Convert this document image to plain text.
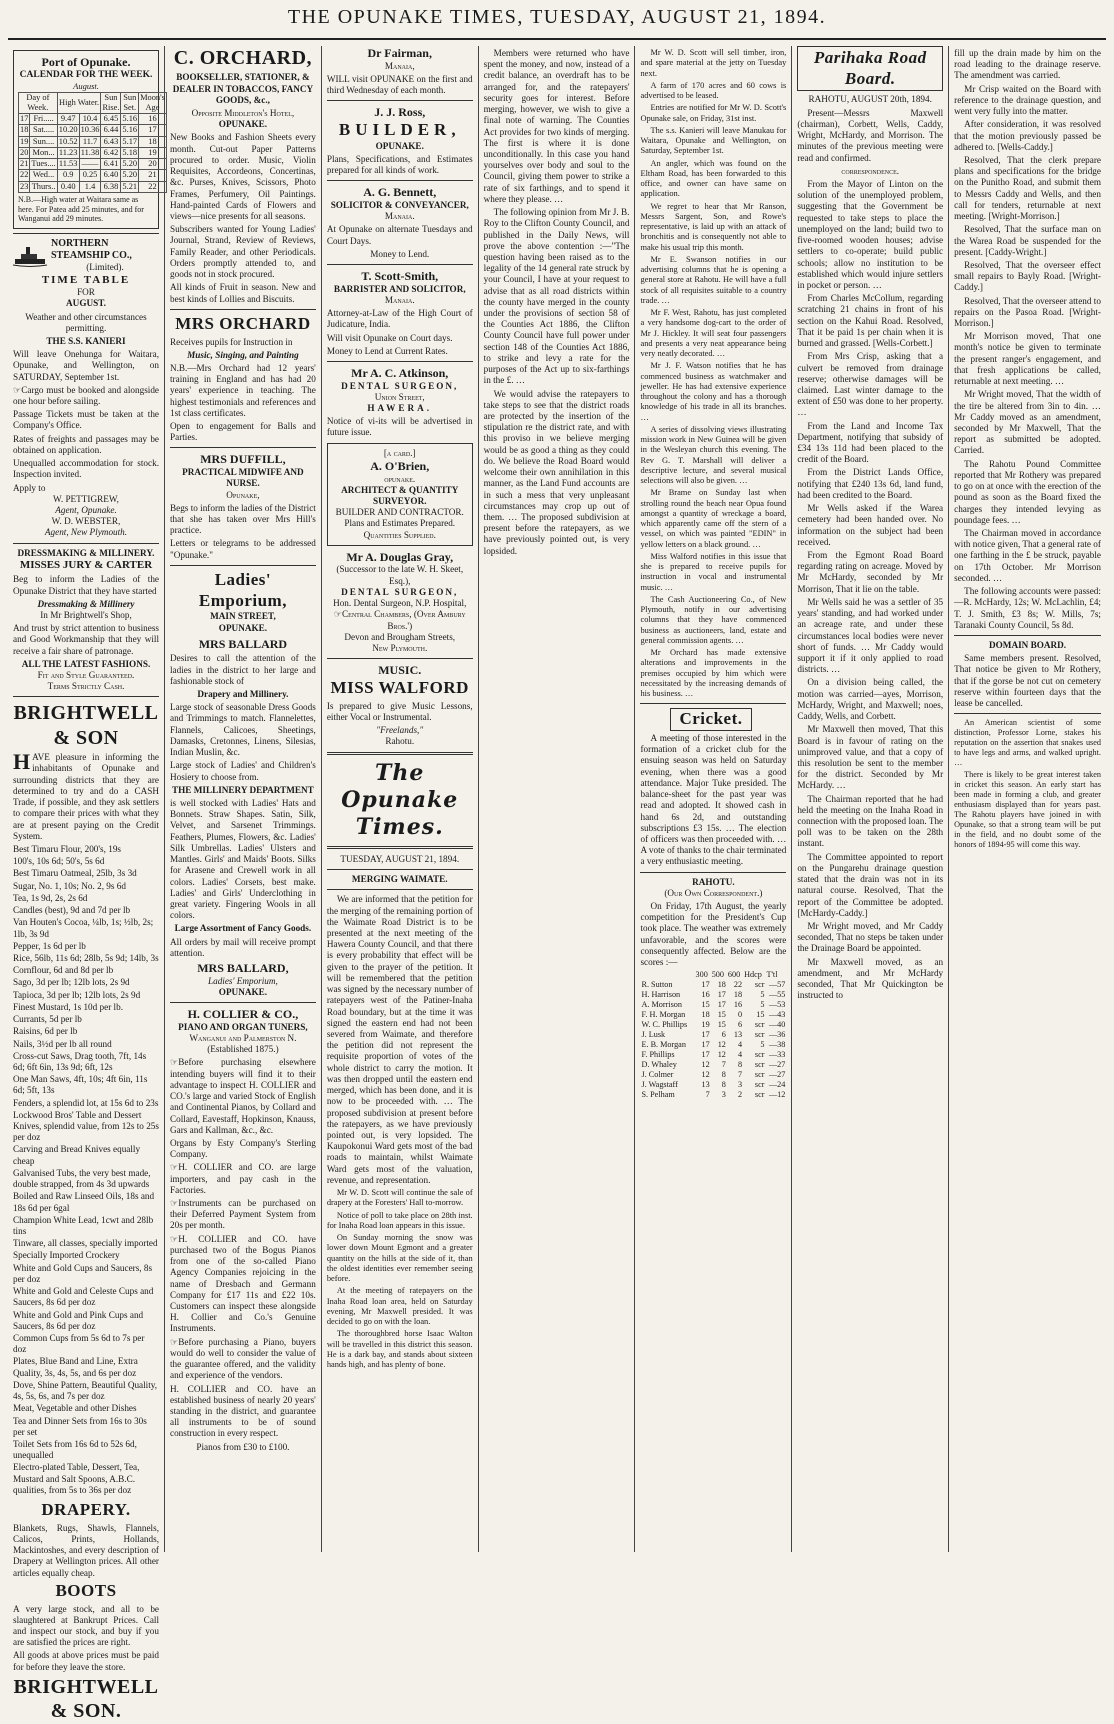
THE OPUNAKE TIMES, TUESDAY, AUGUST 21, 1894.
Port of Opunake.
CALENDAR FOR THE WEEK.
August.
Day of Week.		High Water.		Sun Rise.	Sun Set.	Moon's Age
17	Fri.....	9.47	10.4	6.45	5.16	16
18	Sat.....	10.20	10.36	6.44	5.16	17
19	Sun....	10.52	11.7	6.43	5.17	18
20	Mon...	11.23	11.38	6.42	5.18	19
21	Tues....	11.53	——	6.41	5.20	20
22	Wed...	0.9	0.25	6.40	5.20	21
23	Thurs..	0.40	1.4	6.38	5.21	22
N.B.—High water at Waitara same as here. For Patea add 25 minutes, and for Wanganui add 29 minutes.
NORTHERN STEAMSHIP CO.,
(Limited).
TIME TABLE
FOR
AUGUST.

Weather and other circumstances permitting.

THE S.S. KANIERI

Will leave Onehunga for Waitara, Opunake, and Wellington, on SATURDAY, September 1st.

☞Cargo must be booked and alongside one hour before sailing.

Passage Tickets must be taken at the Company's Office.

Rates of freights and passages may be obtained on application.

Unequalled accommodation for stock. Inspection invited.

Apply to
W. PETTIGREW,
Agent, Opunake.
W. D. WEBSTER,
Agent, New Plymouth.
DRESSMAKING & MILLINERY.
MISSES JURY & CARTER

Beg to inform the Ladies of the Opunake District that they have started

Dressmaking & Millinery
In Mr Brightwell's Shop,

And trust by strict attention to business and Good Workmanship that they will receive a fair share of patronage.

ALL THE LATEST FASHIONS.
Fit and Style Guaranteed.
Terms Strictly Cash.
BRIGHTWELL & SON

HAVE pleasure in informing the inhabitants of Opunake and surrounding districts that they are determined to try and do a CASH Trade, if possible, and they ask settlers to compare their prices with what they are at present paying on the Credit System.

Best Timaru Flour, 200's, 19s
100's, 10s 6d; 50's, 5s 6d
Best Timaru Oatmeal, 25lb, 3s 3d
Sugar, No. 1, 10s; No. 2, 9s 6d
Tea, 1s 9d, 2s, 2s 6d
Candles (best), 9d and 7d per lb
Van Houten's Cocoa, ¼lb, 1s; ½lb, 2s; 1lb, 3s 9d
Pepper, 1s 6d per lb
Rice, 56lb, 11s 6d; 28lb, 5s 9d; 14lb, 3s
Cornflour, 6d and 8d per lb
Sago, 3d per lb; 12lb lots, 2s 9d
Tapioca, 3d per lb; 12lb lots, 2s 9d
Finest Mustard, 1s 10d per lb.
Currants, 5d per lb
Raisins, 6d per lb
Nails, 3½d per lb all round
Cross-cut Saws, Drag tooth, 7ft, 14s 6d; 6ft 6in, 13s 9d; 6ft, 12s
One Man Saws, 4ft, 10s; 4ft 6in, 11s 6d; 5ft, 13s
Fenders, a splendid lot, at 15s 6d to 23s
Lockwood Bros' Table and Dessert Knives, splendid value, from 12s to 25s per doz
Carving and Bread Knives equally cheap
Galvanised Tubs, the very best made, double strapped, from 4s 3d upwards
Boiled and Raw Linseed Oils, 18s and 18s 6d per 6gal
Champion White Lead, 1cwt and 28lb tins
Tinware, all classes, specially imported
Specially Imported Crockery
White and Gold Cups and Saucers, 8s per doz
White and Gold and Celeste Cups and Saucers, 8s 6d per doz
White and Gold and Pink Cups and Saucers, 8s 6d per doz
Common Cups from 5s 6d to 7s per doz
Plates, Blue Band and Line, Extra Quality, 3s, 4s, 5s, and 6s per doz
Dove, Shine Pattern, Beautiful Quality, 4s, 5s, 6s, and 7s per doz
Meat, Vegetable and other Dishes
Tea and Dinner Sets from 16s to 30s per set
Toilet Sets from 16s 6d to 52s 6d, unequalled
Electro-plated Table, Dessert, Tea, Mustard and Salt Spoons, A.B.C. qualities, from 5s to 36s per doz
DRAPERY.

Blankets, Rugs, Shawls, Flannels, Calicos, Prints, Hollands, Mackintoshes, and every description of Drapery at Wellington prices. All other articles equally cheap.

BOOTS

A very large stock, and all to be slaughtered at Bankrupt Prices. Call and inspect our stock, and buy if you are satisfied the prices are right.

All goods at above prices must be paid for before they leave the store.

BRIGHTWELL & SON.
C. ORCHARD,

BOOKSELLER, STATIONER, & DEALER IN TOBACCOS, FANCY GOODS, &c.,

Opposite Middleton's Hotel,
OPUNAKE.

New Books and Fashion Sheets every month. Cut-out Paper Patterns procured to order. Music, Violin Requisites, Accordeons, Concertinas, &c. Purses, Knives, Scissors, Photo Frames, Perfumery, Oil Paintings. Hand-painted Cards of Flowers and views—nice presents for all seasons.

Subscribers wanted for Young Ladies' Journal, Strand, Review of Reviews, Family Reader, and other Periodicals. Orders promptly attended to, and goods not in stock procured.

All kinds of Fruit in season. New and best kinds of Lollies and Biscuits.

MRS ORCHARD

Receives pupils for Instruction in

Music, Singing, and Painting

N.B.—Mrs Orchard had 12 years' training in England and has had 20 years' experience in teaching. The highest testimonials and references and 1st class certificates.

Open to engagement for Balls and Parties.

MRS DUFFILL,
PRACTICAL MIDWIFE AND NURSE.
Opunake,

Begs to inform the ladies of the District that she has taken over Mrs Hill's practice.

Letters or telegrams to be addressed "Opunake."

Ladies' Emporium,
MAIN STREET,
OPUNAKE.
MRS BALLARD

Desires to call the attention of the ladies in the district to her large and fashionable stock of

Drapery and Millinery.

Large stock of seasonable Dress Goods and Trimmings to match. Flannelettes, Flannels, Calicoes, Sheetings, Damasks, Cretonnes, Linens, Silesias, Indian Muslin, &c.

Large stock of Ladies' and Children's Hosiery to choose from.

THE MILLINERY DEPARTMENT

is well stocked with Ladies' Hats and Bonnets. Straw Shapes. Satin, Silk, Velvet, and Sarsenet Trimmings. Feathers, Plumes, Flowers, &c. Ladies' Silk Umbrellas. Ladies' Ulsters and Mantles. Girls' and Maids' Boots. Silks for Arasene and Crewell work in all colors. Ladies' Corsets, best make. Ladies' and Girls' Underclothing in great variety. Fingering Wools in all colors.

Large Assortment of Fancy Goods.

All orders by mail will receive prompt attention.

MRS BALLARD,
Ladies' Emporium,
OPUNAKE.
H. COLLIER & CO.,
PIANO AND ORGAN TUNERS,
Wanganui and Palmerston N.
(Established 1875.)

☞Before purchasing elsewhere intending buyers will find it to their advantage to inspect H. COLLIER and CO.'s large and varied Stock of English and Continental Pianos, by Collard and Collard, Eavestaff, Hopkinson, Knauss, Gars and Kallman, &c., &c.

Organs by Esty Company's Sterling Company.

☞H. COLLIER and CO. are large importers, and pay cash in the Factories.

☞Instruments can be purchased on their Deferred Payment System from 20s per month.

☞H. COLLIER and CO. have purchased two of the Bogus Pianos from one of the so-called Piano Agency Companies rejoicing in the name of Dresbach and Germann Company for £17 11s and £22 10s. Customers can inspect these alongside H. Collier and Co.'s Genuine Instruments.

☞Before purchasing a Piano, buyers would do well to consider the value of the guarantee offered, and the validity and experience of the vendors.

H. COLLIER and CO. have an established business of nearly 20 years' standing in the district, and guarantee all instruments to be of sound construction in every respect.

Pianos from £30 to £100.

Dr Fairman,
Manaia,

WILL visit OPUNAKE on the first and third Wednesday of each month.

J. J. Ross,
BUILDER,
OPUNAKE.

Plans, Specifications, and Estimates prepared for all kinds of work.

A. G. Bennett,
SOLICITOR & CONVEYANCER,
Manaia.

At Opunake on alternate Tuesdays and Court Days.

Money to Lend.
T. Scott-Smith,
BARRISTER AND SOLICITOR,
Manaia.

Attorney-at-Law of the High Court of Judicature, India.

Will visit Opunake on Court days.

Money to Lend at Current Rates.

Mr A. C. Atkinson,
DENTAL SURGEON,
Union Street,
HAWERA.

Notice of vi-its will be advertised in future issue.

[a card.]
A. O'Brien,
opunake.
ARCHITECT & QUANTITY SURVEYOR.
BUILDER AND CONTRACTOR.
Plans and Estimates Prepared.
Quantities Supplied.
Mr A. Douglas Gray,
(Successor to the late W. H. Skeet, Esq.),
DENTAL SURGEON,
Hon. Dental Surgeon, N.P. Hospital,
☞Central Chambers, (Over Ambury Bros.')
Devon and Brougham Streets,
New Plymouth.
MUSIC.
MISS WALFORD

Is prepared to give Music Lessons, either Vocal or Instrumental.

"Freelands,"
Rahotu.
The Opunake Times.
TUESDAY, AUGUST 21, 1894.
MERGING WAIMATE.

We are informed that the petition for the merging of the remaining portion of the Waimate Road District is to be presented at the next meeting of the Hawera County Council, and that there is every probability that effect will be given to the prayer of the petition. It will be remembered that the petition was signed by the necessary number of ratepayers west of the Patiner-Inaha Road boundary, but at the time it was signed the eastern end had not been severed from Waimate, and therefore the petition did not represent the requisite proportion of votes of the whole district to carry the motion. It was then dropped until the eastern end merged, which has been done, and it is now to be proceeded with. … The proposed subdivision at present before the ratepayers, as we have previously pointed out, is very lopsided. The Kaupokonui Ward gets most of the bad roads to maintain, whilst Waimate Ward gets most of the valuation, revenue, and representation.

Mr W. D. Scott will continue the sale of drapery at the Foresters' Hall to-morrow.

Notice of poll to take place on 28th inst. for Inaha Road loan appears in this issue.

On Sunday morning the snow was lower down Mount Egmont and a greater quantity on the hills at the side of it, than the oldest identities ever remember seeing before.

At the meeting of ratepayers on the Inaha Road loan area, held on Saturday evening, Mr Maxwell presided. It was decided to go on with the loan.

The thoroughbred horse Isaac Walton will be travelled in this district this season. He is a dark bay, and stands about sixteen hands high, and has plenty of bone.

Members were returned who have spent the money, and now, instead of a credit balance, an overdraft has to be arranged for, and the ratepayers' security goes for interest. Before merging, however, we wish to give a final note of warning. The Counties Act provides for two kinds of merging. The first is where it is done unconditionally. In this case you hand yourselves over body and soul to the Council, giving them power to strike a rate of six farthings, and to spend it where they please. …

The following opinion from Mr J. B. Roy to the Clifton County Council, and published in the Daily News, will prove the above contention :—"The question having been raised as to the legality of the 14 general rate struck by your Council, I have at your request to advise that as all road districts within the county have merged in the county under the provisions of section 58 of the Counties Act 1886, the Clifton County Council have full power under section 148 of the Counties Act 1886, to strike and levy a rate for the purposes of the Act up to six-farthings in the £. …

We would advise the ratepayers to take steps to see that the district roads are protected by the insertion of the stipulation re the district rate, and with this proviso in we believe merging would be as good a thing as they could do. We believe the Road Board would welcome their own annihilation in this manner, as the Land Fund accounts are in such a mess that very unpleasant circumstances may crop up out of them. … The proposed subdivision at present before the ratepayers, as we have previously pointed out, is very lopsided.

Mr W. D. Scott will sell timber, iron, and spare material at the jetty on Tuesday next.

A farm of 170 acres and 60 cows is advertised to be leased.

Entries are notified for Mr W. D. Scott's Opunake sale, on Friday, 31st inst.

The s.s. Kanieri will leave Manukau for Waitara, Opunake and Wellington, on Saturday, September 1st.

An angler, which was found on the Eltham Road, has been forwarded to this office, and owner can have same on application.

We regret to hear that Mr Ranson, Messrs Sargent, Son, and Rowe's representative, is laid up with an attack of bronchitis and is consequently not able to make his usual trip this month.

Mr E. Swanson notifies in our advertising columns that he is opening a general store at Rahotu. He will have a full stock of all requisites suitable to a country trade. …

Mr F. West, Rahotu, has just completed a very handsome dog-cart to the order of Mr J. Hickley. It will seat four passengers and presents a very neat appearance being very neatly decorated. …

Mr J. F. Watson notifies that he has commenced business as watchmaker and jeweller. He has had extensive experience throughout the colony and has a thorough knowledge of his trade in all its branches. …

A series of dissolving views illustrating mission work in New Guinea will be given in the Wesleyan church this evening. The Rev G. T. Marshall will deliver a descriptive lecture, and several musical selections will also be given. …

Mr Brame on Sunday last when strolling round the beach near Opua found amongst a quantity of wreckage a board, which apparently came off the stern of a vessel, on which was painted "EDIN" in yellow letters on a black ground. …

Miss Walford notifies in this issue that she is prepared to receive pupils for instruction in vocal and instrumental music. …

The Cash Auctioneering Co., of New Plymouth, notify in our advertising columns that they have commenced business as auctioneers, land, estate and general commission agents. …

Mr Orchard has made extensive alterations and improvements in the premises occupied by him which were necessitated by the increasing demands of his business. …

Cricket.

A meeting of those interested in the formation of a cricket club for the ensuing season was held on Saturday evening, when there was a good attendance. Major Tuke presided. The balance-sheet for the past year was read and adopted. It showed cash in hand 6s 2d, and outstanding subscriptions £3 15s. … The election of officers was then proceeded with. … A vote of thanks to the chair terminated a very enthusiastic meeting.

RAHOTU.
(Our Own Correspondent.)

On Friday, 17th August, the yearly competition for the President's Cup took place. The weather was extremely unfavorable, and the scores were consequently affected. Below are the scores :—

	300	500	600	Hdcp	T'tl
R. Sutton	17	18	22	scr	—57
H. Harrison	16	17	18	5	—55
A. Morrison	15	17	16	5	—53
F. H. Morgan	18	15	0	15	—43
W. C. Phillips	19	15	6	scr	—40
J. Lusk	17	6	13	scr	—36
E. B. Morgan	17	12	4	5	—38
F. Phillips	17	12	4	scr	—33
D. Whaley	12	7	8	scr	—27
J. Colmer	12	8	7	scr	—27
J. Wagstaff	13	8	3	scr	—24
S. Pelham	7	3	2	scr	—12
Parihaka Road Board.
RAHOTU, AUGUST 20th, 1894.

Present—Messrs Maxwell (chairman), Corbett, Wells, Caddy, Wright, McHardy, and Morrison. The minutes of the previous meeting were read and confirmed.

correspondence.

From the Mayor of Linton on the solution of the unemployed problem, suggesting that the Government be requested to take steps to place the unemployed on the land; build two to five-roomed wooden houses; advise settlers to co-operate; build public schools; allow no institution to be established which would injure settlers in pocket or person. …

From Charles McCollum, regarding scratching 21 chains in front of his section on the Kahui Road. Resolved, That it be paid 1s per chain when it is burned and grassed. [Wells-Corbett.]

From Mrs Crisp, asking that a culvert be removed from drainage reserve; otherwise damages will be claimed. Last winter damage to the extent of £50 was done to her property. …

From the Land and Income Tax Department, notifying that subsidy of £34 13s 11d had been placed to the credit of the Board.

From the District Lands Office, notifying that £240 13s 6d, land fund, had been credited to the Board.

Mr Wells asked if the Warea cemetery had been handed over. No information on the subject had been received.

From the Egmont Road Board regarding rating on acreage. Moved by Mr McHardy, seconded by Mr Morrison, That it lie on the table.

Mr Wells said he was a settler of 35 years' standing, and had worked under an acreage rate, and under these circumstances local bodies were never short of funds. … Mr Caddy would support it if it only applied to road districts. …

On a division being called, the motion was carried—ayes, Morrison, McHardy, Wright, and Maxwell; noes, Caddy, Wells, and Corbett.

Mr Maxwell then moved, That this Board is in favour of rating on the unimproved value, and that a copy of this resolution be sent to the member for the district. Seconded by Mr McHardy. …

The Chairman reported that he had held the meeting on the Inaha Road in connection with the proposed loan. The poll was to be taken on the 28th instant.

The Committee appointed to report on the Pungarehu drainage question stated that the drain was not in its natural course. Resolved, That the report of the Committee be adopted. [McHardy-Caddy.]

Mr Wright moved, and Mr Caddy seconded, That no steps be taken under the Drainage Board be appointed.

Mr Maxwell moved, as an amendment, and Mr McHardy seconded, That Mr Quickington be instructed to

fill up the drain made by him on the road leading to the drainage reserve. The amendment was carried.

Mr Crisp waited on the Board with reference to the drainage question, and went very fully into the matter.

After consideration, it was resolved that the motion previously passed be adhered to. [Wells-Caddy.]

Resolved, That the clerk prepare plans and specifications for the bridge on the Punitho Road, and submit them to Messrs Caddy and Wells, and then call for tenders, returnable at next meeting. [Wright-Morrison.]

Resolved, That the surface man on the Warea Road be suspended for the present. [Caddy-Wright.]

Resolved, That the overseer effect small repairs to Bayly Road. [Wright-Caddy.]

Resolved, That the overseer attend to repairs on the Pasoa Road. [Wright-Morrison.]

Mr Morrison moved, That one month's notice be given to terminate the present ranger's engagement, and that fresh applications be called, returnable at next meeting. …

Mr Wright moved, That the width of the tire be altered from 3in to 4in. … Mr Caddy moved as an amendment, seconded by Mr Maxwell, That the report as submitted be adopted. Carried.

The Rahotu Pound Committee reported that Mr Rothery was prepared to go on at once with the erection of the pound as soon as the Board fixed the charges they intended levying as poundage fees. …

The Chairman moved in accordance with notice given, That a general rate of one farthing in the £ be struck, payable on 17th October. Mr Morrison seconded. …

The following accounts were passed:—R. McHardy, 12s; W. McLachlin, £4; T. J. Smith, £3 8s; W. Mills, 7s; Taranaki County Council, 5s 8d.

DOMAIN BOARD.

Same members present. Resolved, That notice be given to Mr Rothery, that if the gorse be not cut on cemetery reserve within fourteen days that the lease be cancelled.

An American scientist of some distinction, Professor Lorne, stakes his reputation on the assertion that snakes used to have legs and arms, and walked upright. …

There is likely to be great interest taken in cricket this season. An early start has been made in forming a club, and greater enthusiasm displayed than for years past. The Rahotu players have joined in with Opunake, so that a strong team will be put in the field, and no doubt some of the honors of 1894-95 will come this way.
